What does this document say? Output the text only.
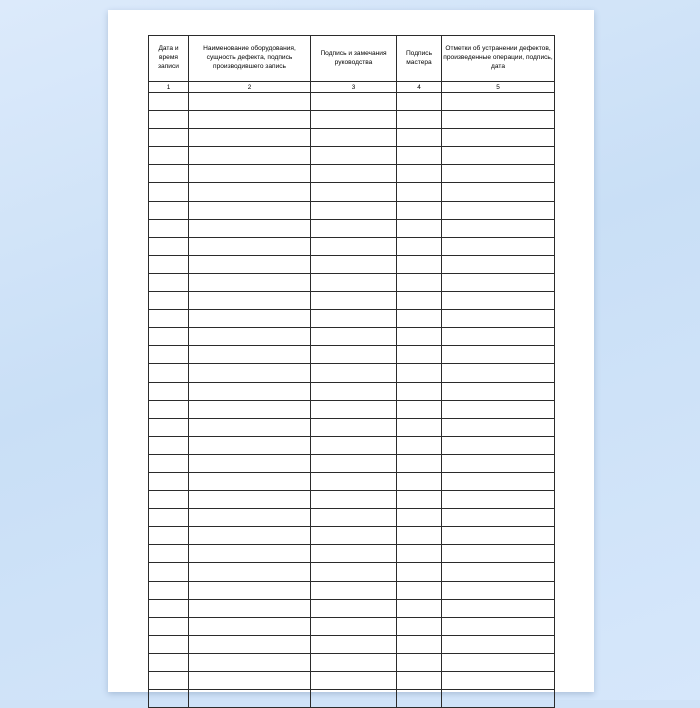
Дата и время записи	Наименование оборудования, сущность дефекта, подпись производившего запись	Подпись и замечания руководства	Подпись мастера	Отметки об устранении дефектов, произведенные операции, подпись, дата
1	2	3	4	5
